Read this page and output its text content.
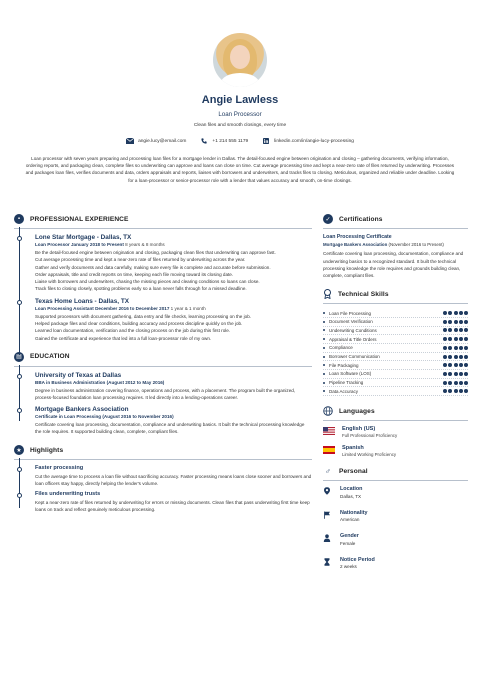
Angie Lawless
Loan Processor
Clean files and smooth closings, every time
angie.lucy@email.com	+1 214 555 1179	linkedin.com/in/angie-lucy-processing
Loan processor with seven years preparing and processing loan files for a mortgage lender in Dallas. The detail-focused engine between origination and closing – gathering documents, verifying information, ordering reports, and packaging clean, complete files so underwriting can approve and loans can close on time. Cut average processing time and kept a near-zero rate of files returned by underwriting. Processes and packages loan files, verifies documents and data, orders appraisals and reports, liaises with borrowers and underwriters, and tracks files to closing. Meticulous, organized and reliable under deadline. Looking for a loan-processor or senior-processor role with a lender that values accuracy and smooth, on-time closings.
▪	PROFESSIONAL EXPERIENCE
Lone Star Mortgage - Dallas, TX
Loan Processor January 2018 to Present 8 years & 8 months
Be the detail-focused engine between origination and closing, packaging clean files that underwriting can approve fast.
Cut average processing time and kept a near-zero rate of files returned by underwriting across the year.
Gather and verify documents and data carefully, making sure every file is complete and accurate before submission.
Order appraisals, title and credit reports on time, keeping each file moving toward its closing date.
Liaise with borrowers and underwriters, chasing the missing pieces and clearing conditions so loans can close.
Track files to closing closely, spotting problems early so a loan never falls through for a missed deadline.
Texas Home Loans - Dallas, TX
Loan Processing Assistant December 2016 to December 2017 1 year & 1 month
Supported processors with document gathering, data entry and file checks, learning processing on the job.
Helped package files and clear conditions, building accuracy and process discipline quickly on the job.
Learned loan documentation, verification and the closing process on the job during this first role.
Gained the certificate and experience that led into a full loan-processor role of my own.
▤	EDUCATION
University of Texas at Dallas
BBA in Business Administration (August 2012 to May 2016)
Degree in business administration covering finance, operations and process, with a placement. The program built the organized, process-focused foundation loan processing requires. It led directly into a lending-operations career.
Mortgage Bankers Association
Certificate in Loan Processing (August 2016 to November 2016)
Certificate covering loan processing, documentation, compliance and underwriting basics. It built the technical processing knowledge the role requires. It supported building clean, complete, compliant files.
★	Highlights
Faster processing
Cut the average time to process a loan file without sacrificing accuracy. Faster processing means loans close sooner and borrowers and loan officers stay happy, directly helping the lender's volume.
Files underwriting trusts
Kept a near-zero rate of files returned by underwriting for errors or missing documents. Clean files that pass underwriting first time keep loans on track and reflect genuinely meticulous processing.
✓	Certifications
Loan Processing Certificate
Mortgage Bankers Association (November 2016 to Present)
Certificate covering loan processing, documentation, compliance and underwriting basics to a recognized standard. It built the technical processing knowledge the role requires and grounds building clean, complete, compliant files.
Technical Skills
Loan File Processing
Document Verification
Underwriting Conditions
Appraisal & Title Orders
Compliance
Borrower Communication
File Packaging
Loan Software (LOS)
Pipeline Tracking
Data Accuracy
Languages
English (US)
Full Professional Proficiency
Spanish
Limited Working Proficiency
♂	Personal
Location
Dallas, TX
Nationality
American
Gender
Female
Notice Period
2 weeks
